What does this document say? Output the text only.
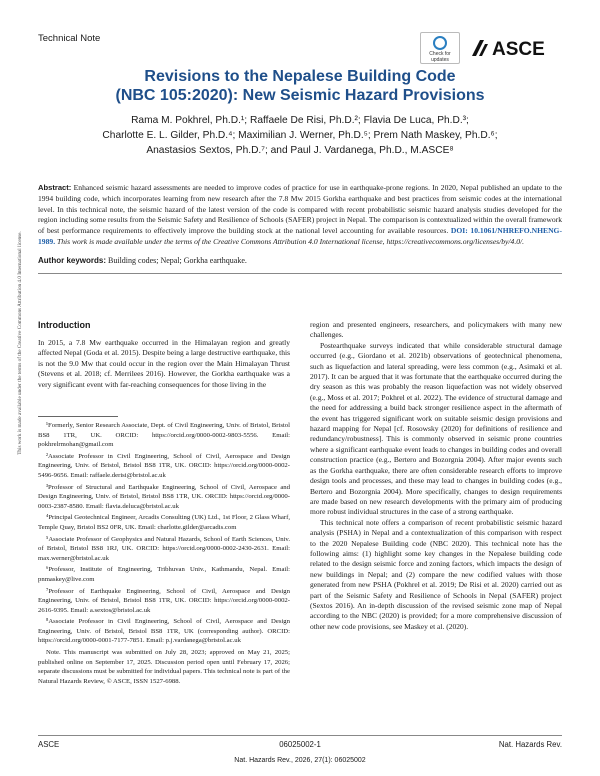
Technical Note
Check for updates	ASCE
Revisions to the Nepalese Building Code
(NBC 105:2020): New Seismic Hazard Provisions
Rama M. Pokhrel, Ph.D.¹; Raffaele De Risi, Ph.D.²; Flavia De Luca, Ph.D.³;
Charlotte E. L. Gilder, Ph.D.⁴; Maximilian J. Werner, Ph.D.⁵; Prem Nath Maskey, Ph.D.⁶;
Anastasios Sextos, Ph.D.⁷; and Paul J. Vardanega, Ph.D., M.ASCE⁸
Abstract: Enhanced seismic hazard assessments are needed to improve codes of practice for use in earthquake-prone regions. In 2020, Nepal published an update to the 1994 building code, which incorporates learning from new research after the 7.8 Mw 2015 Gorkha earthquake and best practices from seismic codes at the international level. In this technical note, the seismic hazard of the latest version of the code is compared with recent probabilistic seismic hazard analysis studies developed for the region including some results from the Seismic Safety and Resilience of Schools (SAFER) project in Nepal. The comparison is contextualized within the overall framework of best performance requirements to effectively improve the building stock at the national level accounting for available resources. DOI: 10.1061/NHREFO.NHENG-1989. This work is made available under the terms of the Creative Commons Attribution 4.0 International license, https://creativecommons.org/licenses/by/4.0/.
Author keywords: Building codes; Nepal; Gorkha earthquake.
This work is made available under the terms of the Creative Commons Attribution 4.0 International license. Introduction

In 2015, a 7.8 Mw earthquake occurred in the Himalayan region and greatly affected Nepal (Goda et al. 2015). Despite being a large destructive earthquake, this is not the 9.0 Mw that could occur in the region over the Main Himalayan Thrust (Stevens et al. 2018; cf. Merrilees 2016). However, the Gorkha earthquake was a very significant event with far-reaching consequences for those living in the

¹Formerly, Senior Research Associate, Dept. of Civil Engineering, Univ. of Bristol, Bristol BS8 1TR, UK. ORCID: https://orcid.org/0000-0002-9803-5556. Email: pokhrelrmohan@gmail.com

²Associate Professor in Civil Engineering, School of Civil, Aerospace and Design Engineering, Univ. of Bristol, Bristol BS8 1TR, UK. ORCID: https://orcid.org/0000-0002-5496-9656. Email: raffaele.derisi@bristol.ac.uk

³Professor of Structural and Earthquake Engineering, School of Civil, Aerospace and Design Engineering, Univ. of Bristol, Bristol BS8 1TR, UK. ORCID: https://orcid.org/0000-0003-2387-8580. Email: flavia.deluca@bristol.ac.uk

⁴Principal Geotechnical Engineer, Arcadis Consulting (UK) Ltd., 1st Floor, 2 Glass Wharf, Temple Quay, Bristol BS2 0FR, UK. Email: charlotte.gilder@arcadis.com

⁵Associate Professor of Geophysics and Natural Hazards, School of Earth Sciences, Univ. of Bristol, Bristol BS8 1RJ, UK. ORCID: https://orcid.org/0000-0002-2430-2631. Email: max.werner@bristol.ac.uk

⁶Professor, Institute of Engineering, Tribhuvan Univ., Kathmandu, Nepal. Email: pnmaskey@live.com

⁷Professor of Earthquake Engineering, School of Civil, Aerospace and Design Engineering, Univ. of Bristol, Bristol BS8 1TR, UK. ORCID: https://orcid.org/0000-0002-2616-9395. Email: a.sextos@bristol.ac.uk

⁸Associate Professor in Civil Engineering, School of Civil, Aerospace and Design Engineering, Univ. of Bristol, Bristol BS8 1TR, UK (corresponding author). ORCID: https://orcid.org/0000-0001-7177-7851. Email: p.j.vardanega@bristol.ac.uk

Note. This manuscript was submitted on July 28, 2023; approved on May 21, 2025; published online on September 17, 2025. Discussion period open until February 17, 2026; separate discussions must be submitted for individual papers. This technical note is part of the Natural Hazards Review, © ASCE, ISSN 1527-6988.

region and presented engineers, researchers, and policymakers with many new challenges.

Postearthquake surveys indicated that while considerable structural damage occurred (e.g., Giordano et al. 2021b) observations of geotechnical phenomena, such as liquefaction and lateral spreading, were less common (e.g., Asimaki et al. 2017). It can be argued that it was fortunate that the earthquake occurred during the dry season as this was probably the reason liquefaction was not widely observed (e.g., Moss et al. 2017; Pokhrel et al. 2022). The evidence of structural damage and the need for addressing a build back stronger resilience aspect in the aftermath of the event has triggered significant work on suitable seismic design provisions and hazard mapping for Nepal [cf. Rosowsky (2020) for definitions of resilience and redundancy/robustness]. This is commonly observed in seismic prone countries where a significant earthquake event leads to changes in building codes and overall construction practice (e.g., Bertero and Bozorgnia 2004). After major events such as the Gorkha earthquake, there are often considerable research efforts to improve design tools and processes, and these may lead to changes in building codes (e.g., Bertero and Bozorgnia 2004). More specifically, changes to design requirements are made based on new research developments with the primary aim of producing more robust individual structures in the case of a strong earthquake.

This technical note offers a comparison of recent probabilistic seismic hazard analysis (PSHA) in Nepal and a contextualization of this comparison with respect to the 2020 Nepalese Building code (NBC 2020). This technical note has the following aims: (1) highlight some key changes in the Nepalese building code related to the design seismic force and zoning factors, which impacts the design of new buildings in Nepal; and (2) compare the new codified values with those generated from new PSHA (Pokhrel et al. 2019; De Risi et al. 2020) carried out as part of the Seismic Safety and Resilience of Schools in Nepal (SAFER) project (Sextos 2016). An in-depth discussion of the revised seismic zone map of Nepal according to the NBC (2020) is provided; for a more comprehensive discussion of other new code provisions, see Maskey et al. (2020).

ASCE	06025002-1	Nat. Hazards Rev.
Nat. Hazards Rev., 2026, 27(1): 06025002
